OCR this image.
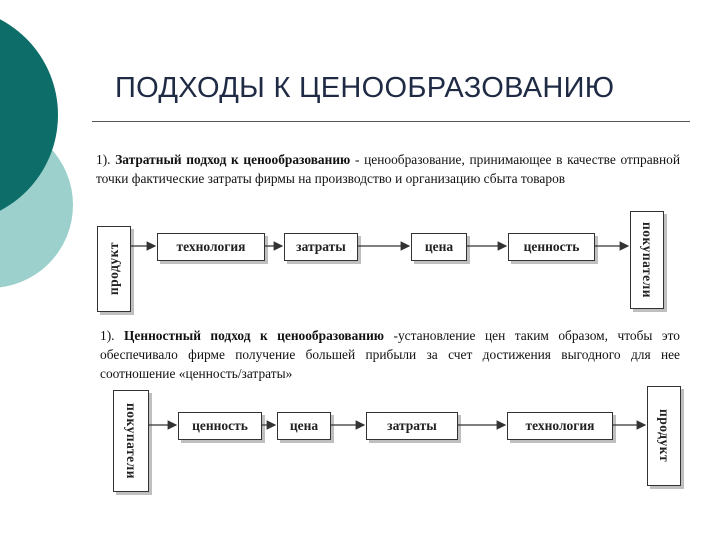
ПОДХОДЫ К ЦЕНООБРАЗОВАНИЮ
1). Затратный подход к ценообразованию - ценообразование, принимающее в качестве отправной точки фактические затраты фирмы на производство и организацию сбыта товаров
продукт	технология	затраты	цена	ценность	покупатели
1). Ценностный подход к ценообразованию -установление цен таким образом, чтобы это обеспечивало фирме получение большей прибыли за счет достижения выгодного для нее соотношение «ценность/затраты»
покупатели	ценность	цена	затраты	технология	продукт
